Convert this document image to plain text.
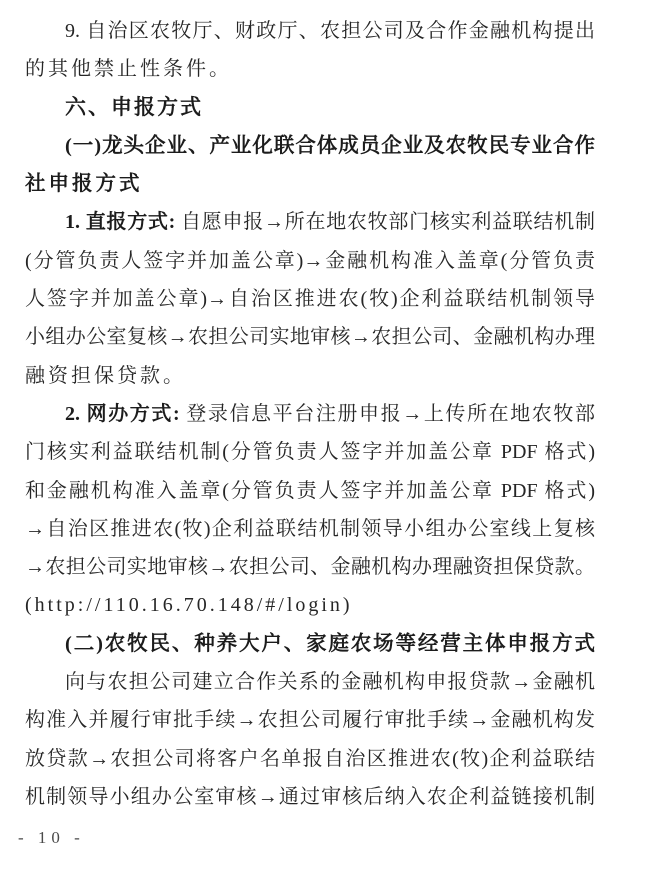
9. 自治区农牧厅、财政厅、农担公司及合作金融机构提出
的其他禁止性条件。
六、申报方式
(一)龙头企业、产业化联合体成员企业及农牧民专业合作
社申报方式
1. 直报方式: 自愿申报→所在地农牧部门核实利益联结机制
(分管负责人签字并加盖公章)→金融机构准入盖章(分管负责
人签字并加盖公章)→自治区推进农(牧)企利益联结机制领导
小组办公室复核→农担公司实地审核→农担公司、金融机构办理
融资担保贷款。
2. 网办方式: 登录信息平台注册申报→上传所在地农牧部
门核实利益联结机制(分管负责人签字并加盖公章 PDF 格式)
和金融机构准入盖章(分管负责人签字并加盖公章 PDF 格式)
→自治区推进农(牧)企利益联结机制领导小组办公室线上复核
→农担公司实地审核→农担公司、金融机构办理融资担保贷款。
(http://110.16.70.148/#/login)
(二)农牧民、种养大户、家庭农场等经营主体申报方式
向与农担公司建立合作关系的金融机构申报贷款→金融机
构准入并履行审批手续→农担公司履行审批手续→金融机构发
放贷款→农担公司将客户名单报自治区推进农(牧)企利益联结
机制领导小组办公室审核→通过审核后纳入农企利益链接机制
- 10 -
